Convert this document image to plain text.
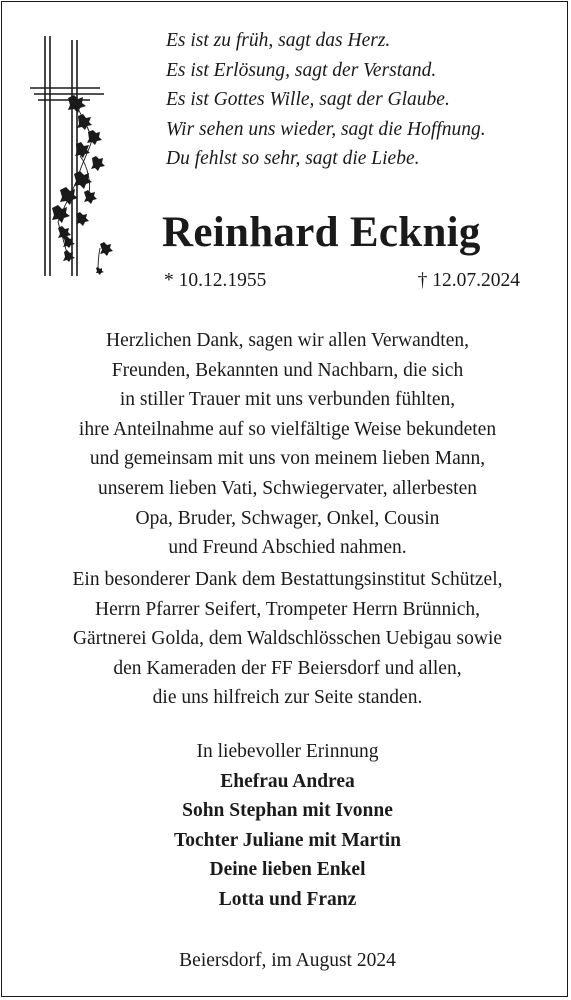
Es ist zu früh, sagt das Herz.
Es ist Erlösung, sagt der Verstand.
Es ist Gottes Wille, sagt der Glaube.
Wir sehen uns wieder, sagt die Hoffnung.
Du fehlst so sehr, sagt die Liebe.
Reinhard Ecknig
* 10.12.1955	† 12.07.2024
Herzlichen Dank, sagen wir allen Verwandten,
Freunden, Bekannten und Nachbarn, die sich
in stiller Trauer mit uns verbunden fühlten,
ihre Anteilnahme auf so vielfältige Weise bekundeten
und gemeinsam mit uns von meinem lieben Mann,
unserem lieben Vati, Schwiegervater, allerbesten
Opa, Bruder, Schwager, Onkel, Cousin
und Freund Abschied nahmen.
Ein besonderer Dank dem Bestattungsinstitut Schützel,
Herrn Pfarrer Seifert, Trompeter Herrn Brünnich,
Gärtnerei Golda, dem Waldschlösschen Uebigau sowie
den Kameraden der FF Beiersdorf und allen,
die uns hilfreich zur Seite standen.
In liebevoller Erinnung
Ehefrau Andrea
Sohn Stephan mit Ivonne
Tochter Juliane mit Martin
Deine lieben Enkel
Lotta und Franz
Beiersdorf, im August 2024
